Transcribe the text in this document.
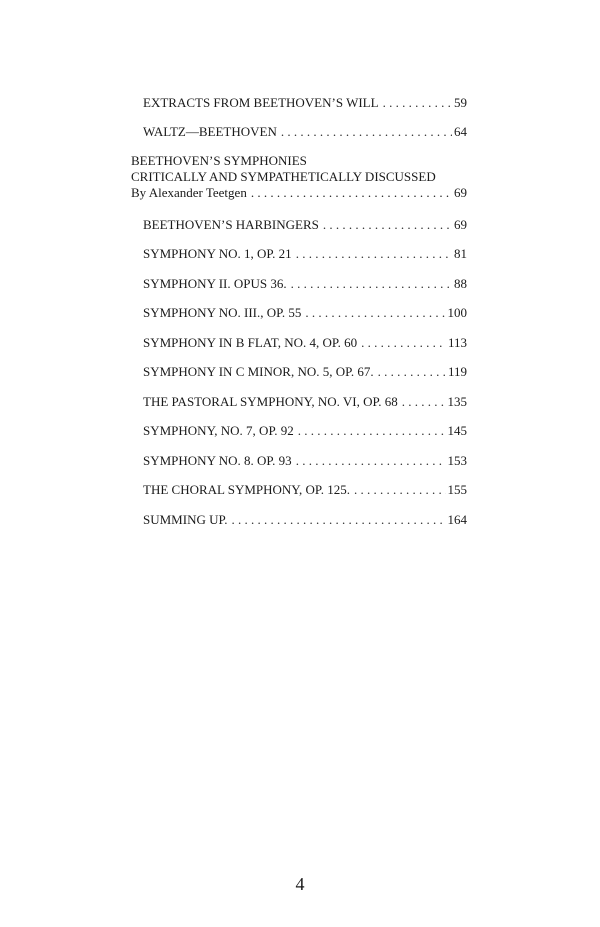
EXTRACTS FROM BEETHOVEN’S WILL . . .	59
WALTZ—BEETHOVEN . . .	64
BEETHOVEN’S SYMPHONIES
CRITICALLY AND SYMPATHETICALLY DISCUSSED
By Alexander Teetgen . . .	69
BEETHOVEN’S HARBINGERS . . .	69
SYMPHONY NO. 1, OP. 21 . . .	81
SYMPHONY II. OPUS 36. . . .	88
SYMPHONY NO. III., OP. 55 . . .	100
SYMPHONY IN B FLAT, NO. 4, OP. 60 . . .	113
SYMPHONY IN C MINOR, NO. 5, OP. 67. . . .	119
THE PASTORAL SYMPHONY, NO. VI, OP. 68 . . .	135
SYMPHONY, NO. 7, OP. 92 . . .	145
SYMPHONY NO. 8. OP. 93 . . .	153
THE CHORAL SYMPHONY, OP. 125. . . .	155
SUMMING UP. . . .	164
4
